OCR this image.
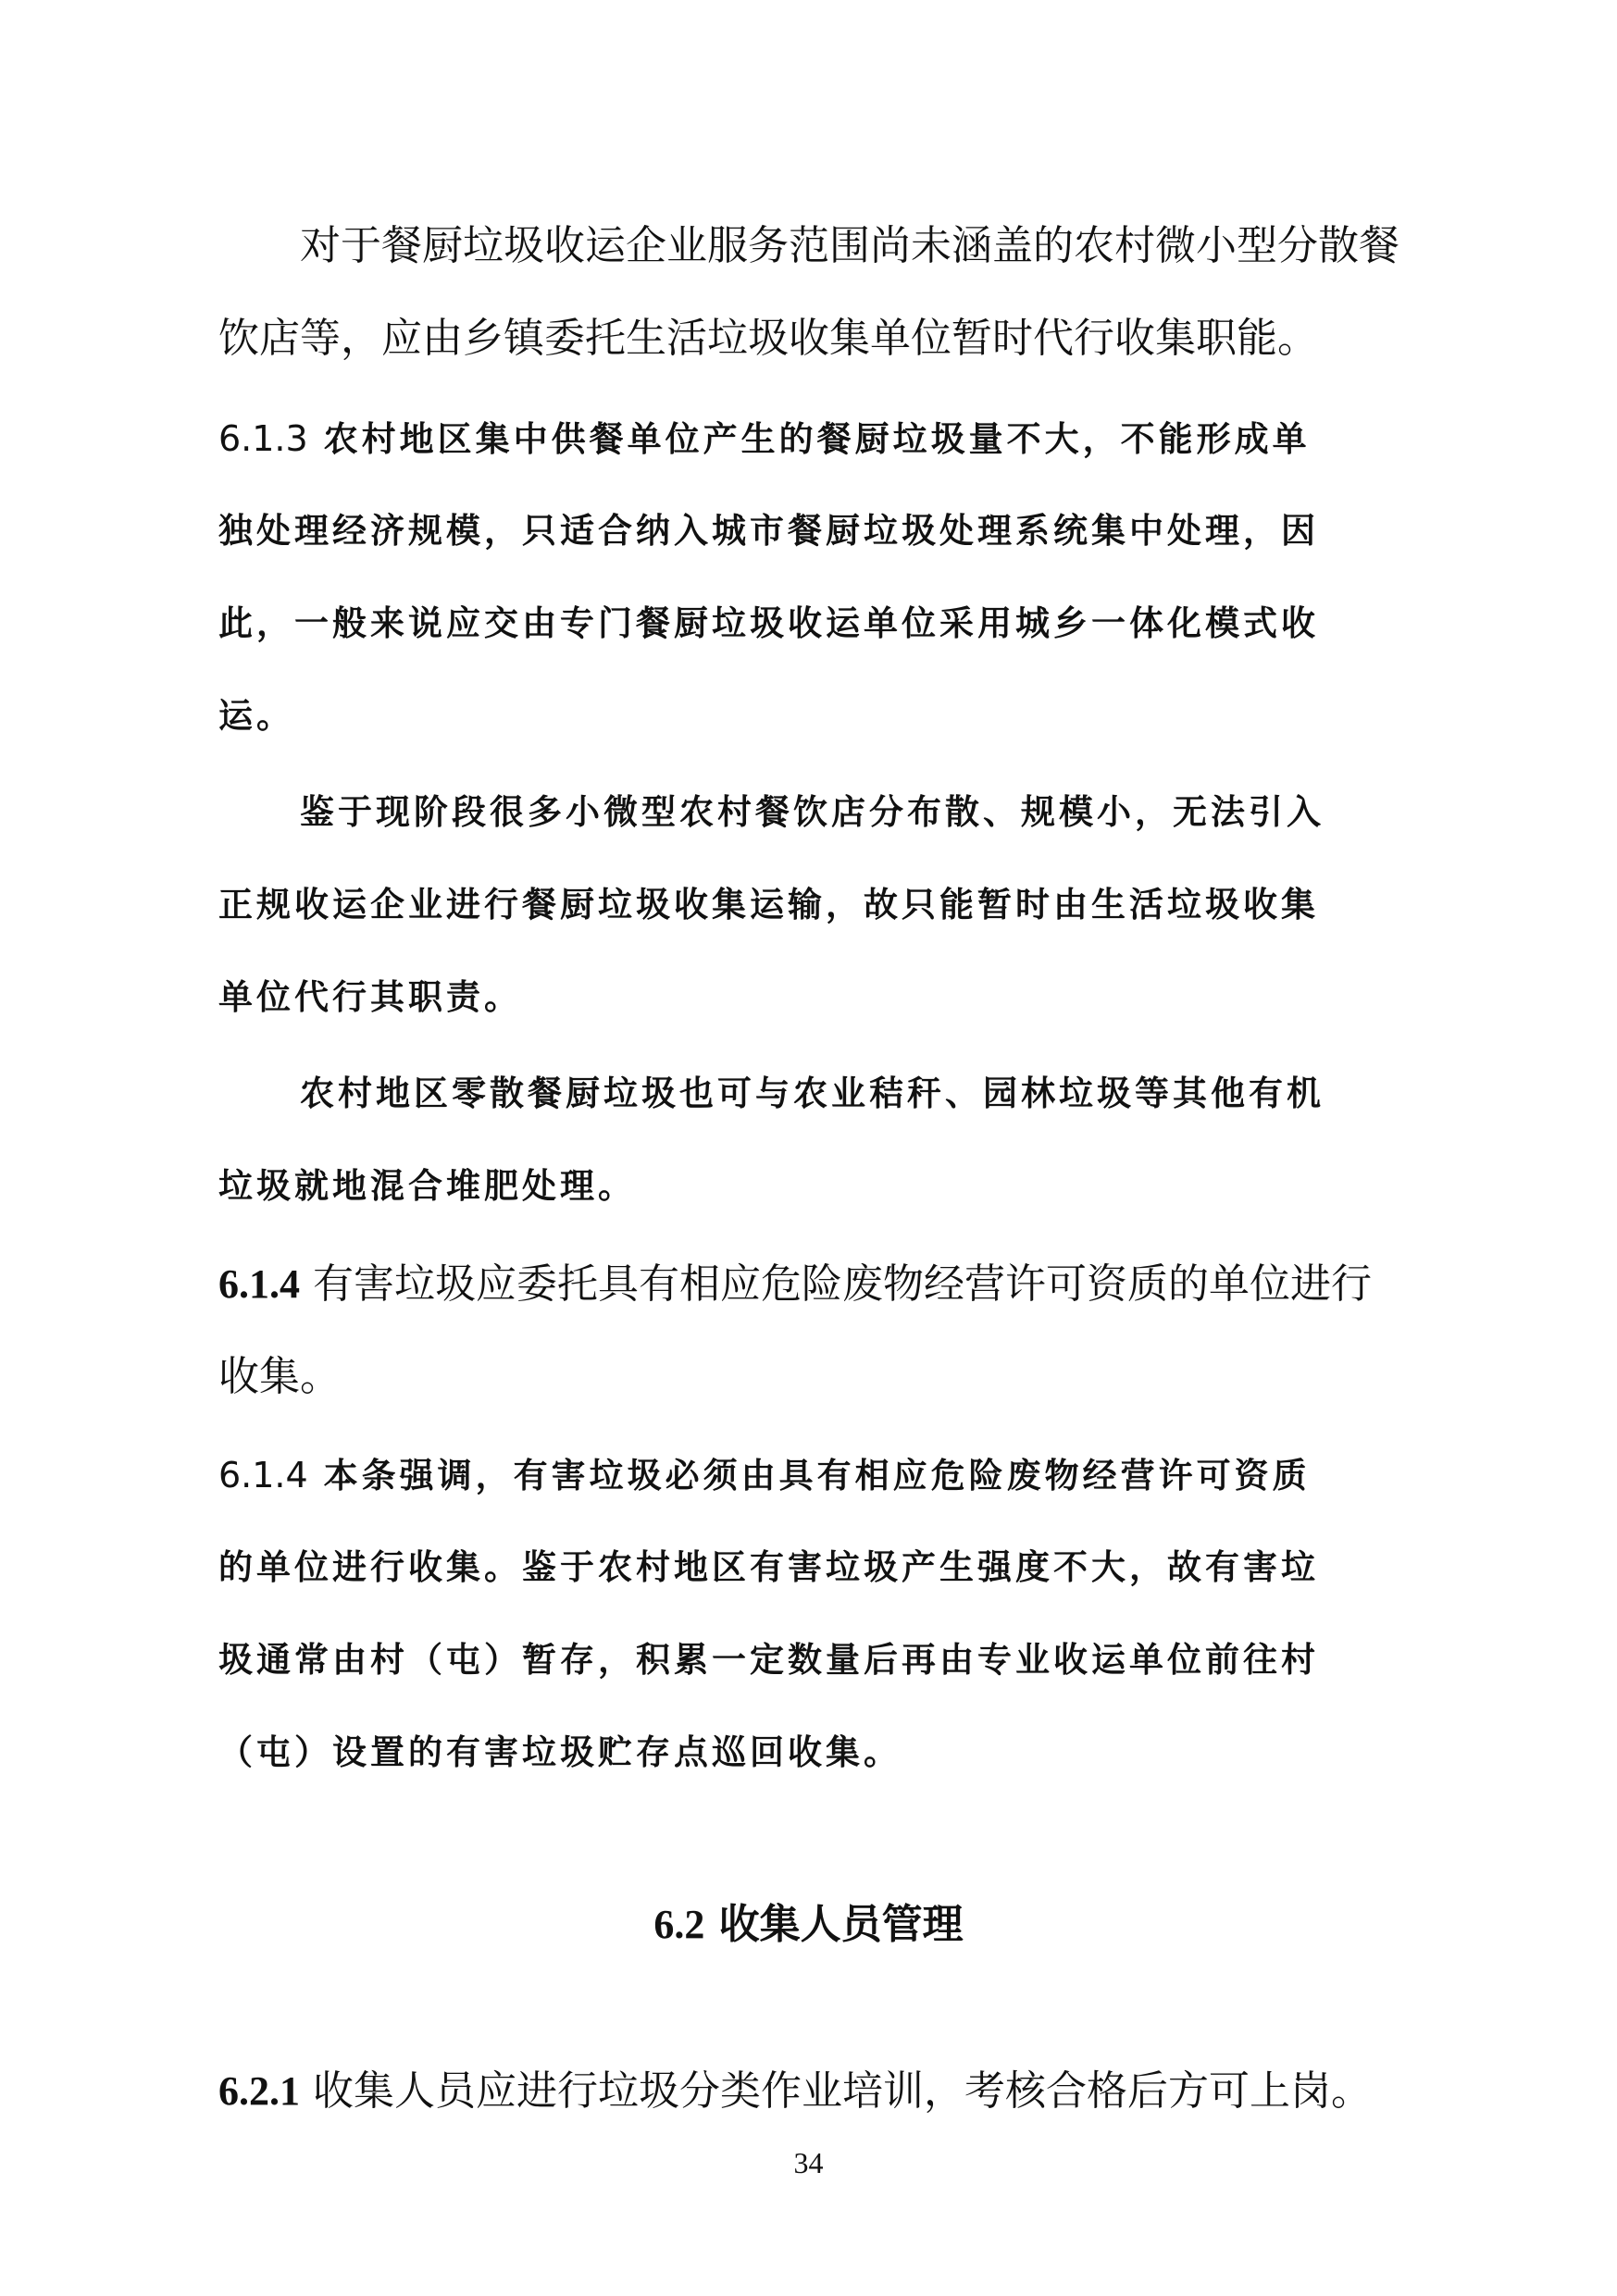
对于餐厨垃圾收运企业服务范围尚未涵盖的农村微小型分散餐
饮店等，应由乡镇委托生活垃圾收集单位暂时代行收集职能。
6.1.3 农村地区集中供餐单位产生的餐厨垃圾量不大，不能形成单
独处理经济规模，只适合纳入城市餐厨垃圾处理系统集中处理，因
此，一般来说应交由专门餐厨垃圾收运单位采用城乡一体化模式收
运。
鉴于现阶段很多小微型农村餐饮店分布散、规模小，无法引入
正规收运企业进行餐厨垃圾收集运输，故只能暂时由生活垃圾收集
单位代行其职责。
农村地区零散餐厨垃圾也可与农业秸秆、园林垃圾等其他有机
垃圾就地混合堆肥处理。
6.1.4 有害垃圾应委托具有相应危险废物经营许可资质的单位进行
收集。
6.1.4 本条强调，有害垃圾必须由具有相应危险废物经营许可资质
的单位进行收集。鉴于农村地区有害垃圾产生强度不大，故有害垃
圾通常由村（屯）暂存，积累一定数量后再由专业收运单位前往村
（屯）设置的有害垃圾贮存点巡回收集。
6.2 收集人员管理
6.2.1 收集人员应进行垃圾分类作业培训，考核合格后方可上岗。
34
